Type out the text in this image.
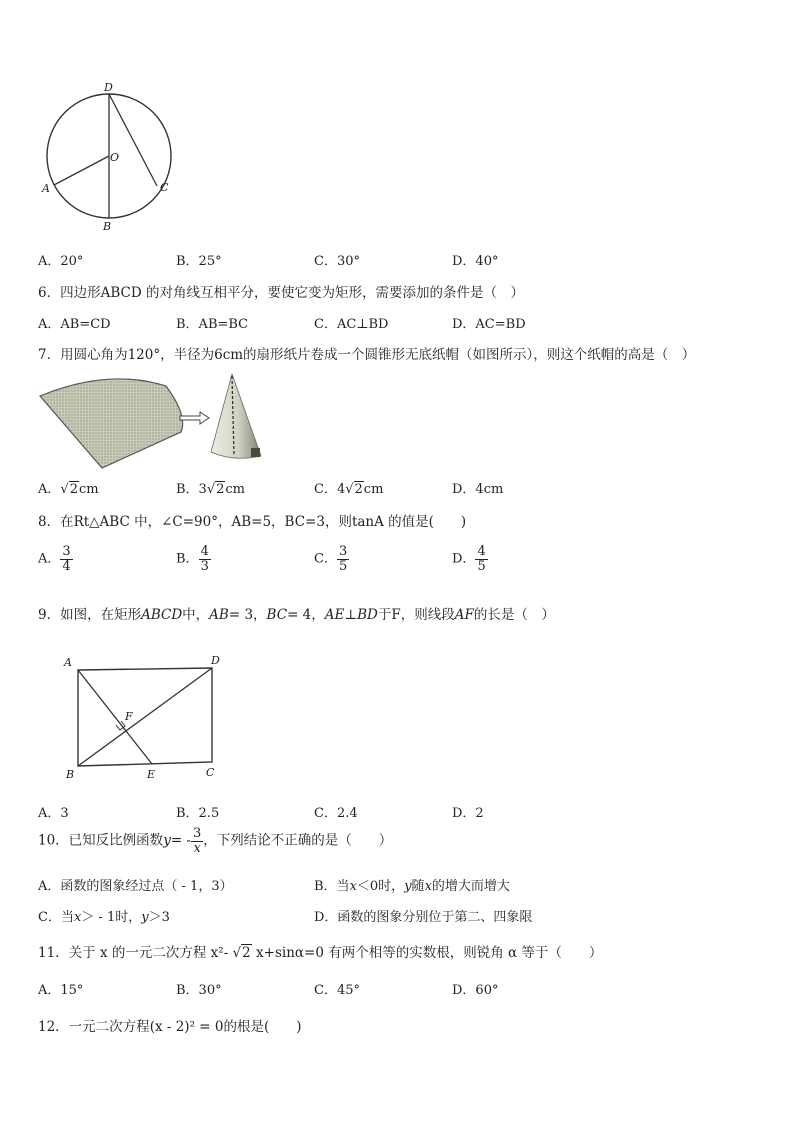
D
O
A	C
B
A．20°	B．25°	C．30°	D．40°
6．四边形ABCD 的对角线互相平分，要使它变为矩形，需要添加的条件是（　）
A．AB=CD	B．AB=BC	C．AC⊥BD	D．AC=BD
7．用圆心角为120°，半径为6cm的扇形纸片卷成一个圆锥形无底纸帽（如图所示），则这个纸帽的高是（　）
A．√2cm	B．3√2cm	C．4√2cm	D．4cm
8．在Rt△ABC 中，∠C=90°，AB=5，BC=3，则tanA 的值是(　　)
A． $\frac{3}{4}$	B． $\frac{4}{3}$	C． $\frac{3}{5}$	D． $\frac{4}{5}$
9．如图，在矩形ABCD中，AB= 3，BC= 4，AE⊥BD于F，则线段AF的长是（　）
A	D
F
B	E	C
A．3	B．2.5	C．2.4	D．2
10．已知反比例函数$y= - \frac{3}{x}$ ，下列结论不正确的是（　　）
A．函数的图象经过点（ - 1，3）	B．当x＜0时，y随x的增大而增大
C．当x＞ - 1时，y＞3	D．函数的图象分别位于第二、四象限
11．关于 x 的一元二次方程 x²- √2 x+sinα=0 有两个相等的实数根，则锐角 α 等于（　　）
A．15°	B．30°	C．45°	D．60°
12．一元二次方程(x - 2)² = 0的根是(　　)
